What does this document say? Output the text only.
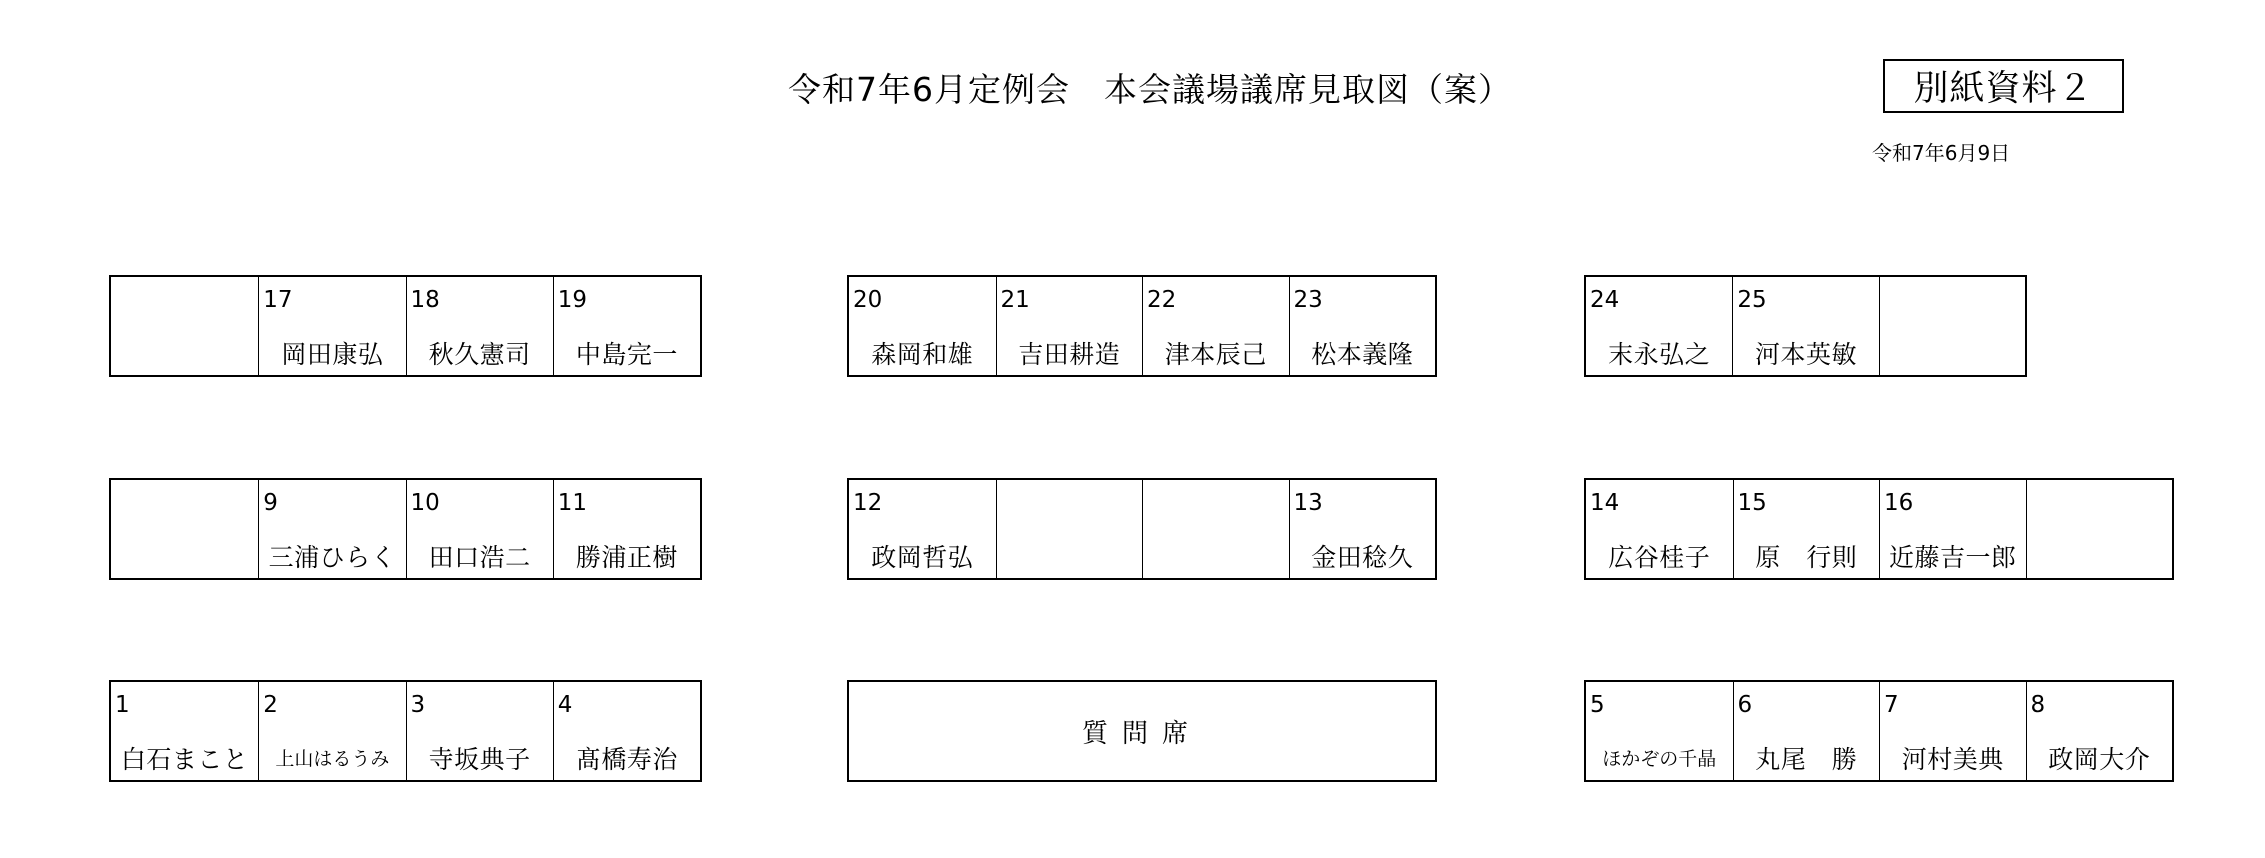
令和7年6月定例会　本会議場議席見取図（案）	別紙資料２
令和7年6月9日
17
岡田康弘
18
秋久憲司
19
中島完一
20
森岡和雄
21
吉田耕造
22
津本辰己
23
松本義隆
24
末永弘之
25
河本英敏
9
三浦ひらく
10
田口浩二
11
勝浦正樹
12
政岡哲弘
13
金田稔久
14
広谷桂子
15
原　行則
16
近藤吉一郎
1
白石まこと
2
上山はるうみ
3
寺坂典子
4
髙橋寿治
質問席
5
ほかぞの千晶
6
丸尾　勝
7
河村美典
8
政岡大介
